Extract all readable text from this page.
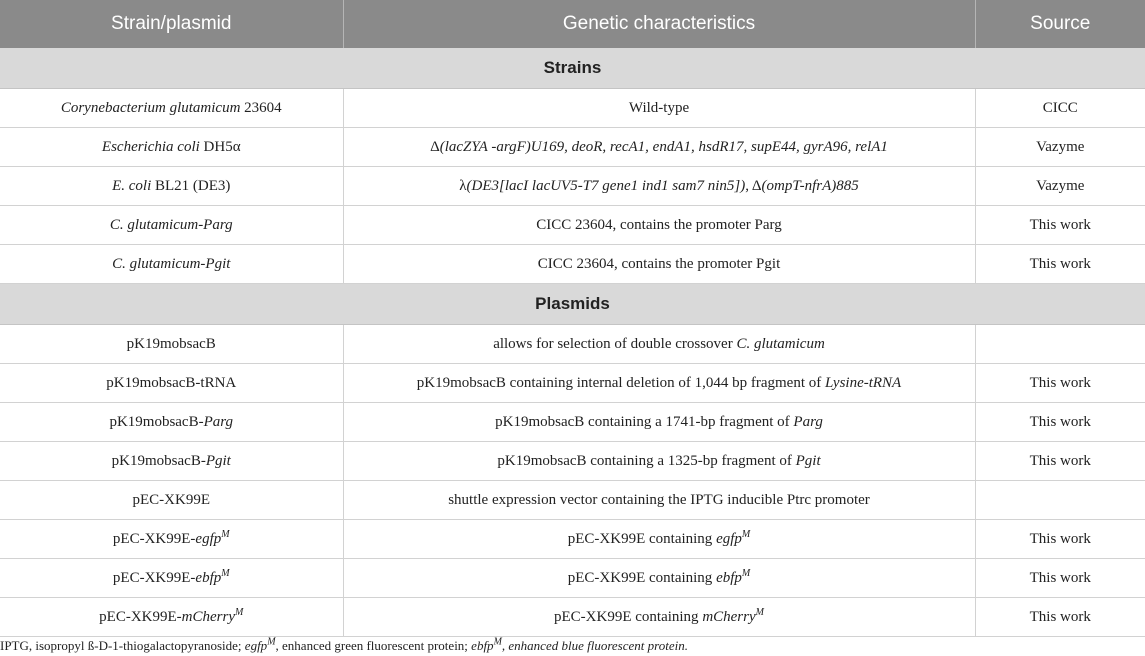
Strain/plasmid	Genetic characteristics	Source
Strains		
Corynebacterium glutamicum 23604	Wild-type	CICC
Escherichia coli DH5α	Δ(lacZYA -argF)U169, deoR, recA1, endA1, hsdR17, supE44, gyrA96, relA1	Vazyme
E. coli BL21 (DE3)	λ(DE3[lacI lacUV5-T7 gene1 ind1 sam7 nin5]), Δ(ompT-nfrA)885	Vazyme
C. glutamicum-Parg	CICC 23604, contains the promoter Parg	This work
C. glutamicum-Pgit	CICC 23604, contains the promoter Pgit	This work
Plasmids		
pK19mobsacB	allows for selection of double crossover C. glutamicum	
pK19mobsacB-tRNA	pK19mobsacB containing internal deletion of 1,044 bp fragment of Lysine-tRNA	This work
pK19mobsacB-Parg	pK19mobsacB containing a 1741-bp fragment of Parg	This work
pK19mobsacB-Pgit	pK19mobsacB containing a 1325-bp fragment of Pgit	This work
pEC-XK99E	shuttle expression vector containing the IPTG inducible Ptrc promoter	
pEC-XK99E-egfp$^M$	pEC-XK99E containing egfp$^M$	This work
pEC-XK99E-ebfp$^M$	pEC-XK99E containing ebfp$^M$	This work
pEC-XK99E-mCherry$^M$	pEC-XK99E containing mCherry$^M$	This work
IPTG, isopropyl ß-D-1-thiogalactopyranoside; egfp$^M$, enhanced green fluorescent protein; ebfp$^M$, enhanced blue fluorescent protein.
